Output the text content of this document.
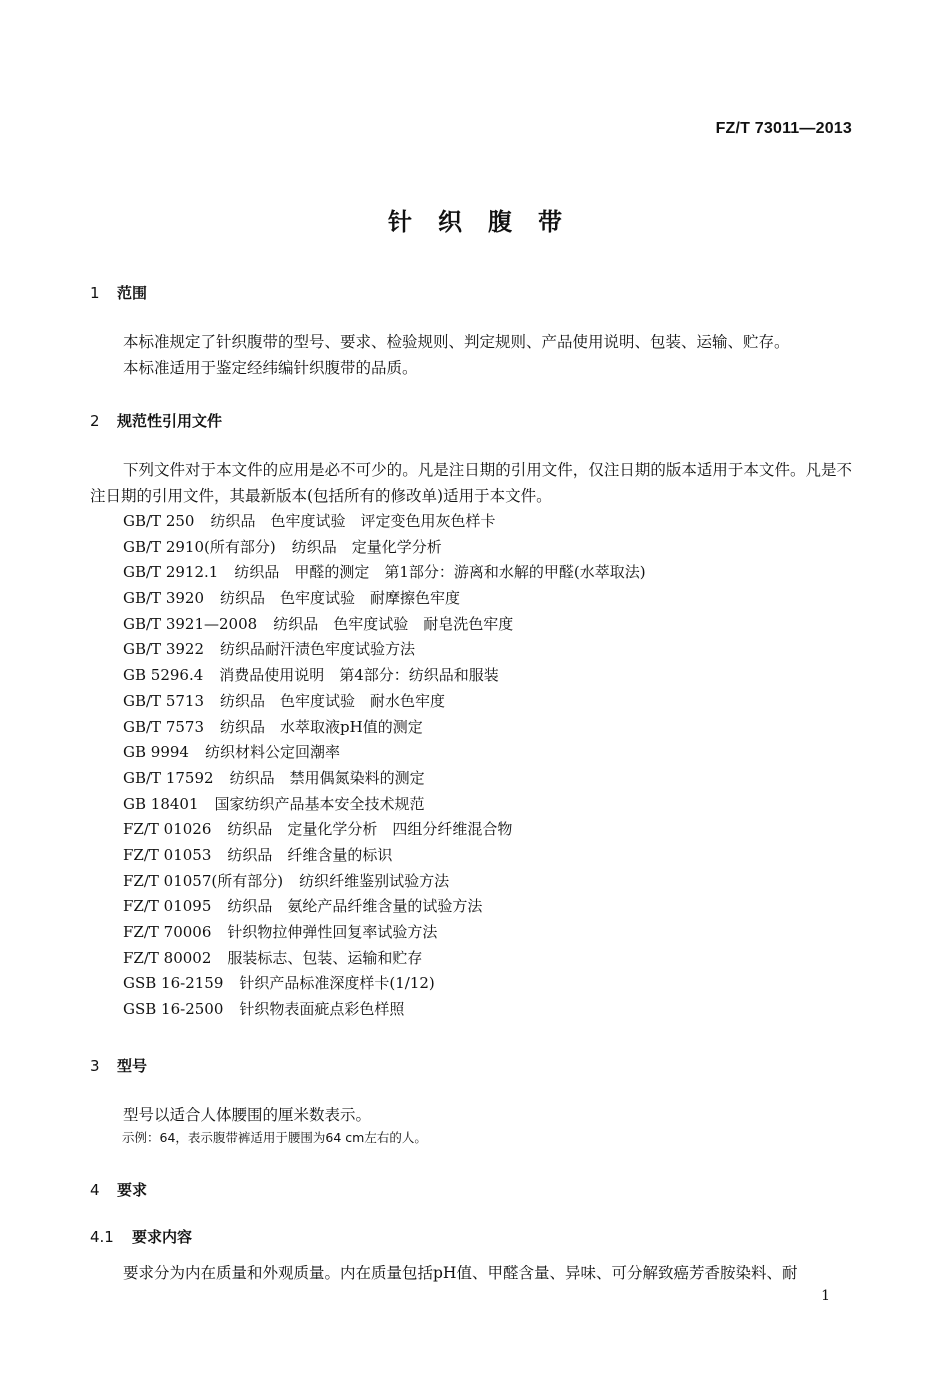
FZ/T 73011—2013
针织腹带
1 范围

本标准规定了针织腹带的型号、要求、检验规则、判定规则、产品使用说明、包装、运输、贮存。

本标准适用于鉴定经纬编针织腹带的品质。

2 规范性引用文件

下列文件对于本文件的应用是必不可少的。凡是注日期的引用文件，仅注日期的版本适用于本文件。凡是不注日期的引用文件，其最新版本(包括所有的修改单)适用于本文件。

GB/T 250 纺织品　色牢度试验　评定变色用灰色样卡
GB/T 2910(所有部分) 纺织品　定量化学分析
GB/T 2912.1 纺织品　甲醛的测定　第1部分：游离和水解的甲醛(水萃取法)
GB/T 3920 纺织品　色牢度试验　耐摩擦色牢度
GB/T 3921—2008 纺织品　色牢度试验　耐皂洗色牢度
GB/T 3922 纺织品耐汗渍色牢度试验方法
GB 5296.4 消费品使用说明　第4部分：纺织品和服装
GB/T 5713 纺织品　色牢度试验　耐水色牢度
GB/T 7573 纺织品　水萃取液pH值的测定
GB 9994 纺织材料公定回潮率
GB/T 17592 纺织品　禁用偶氮染料的测定
GB 18401 国家纺织产品基本安全技术规范
FZ/T 01026 纺织品　定量化学分析　四组分纤维混合物
FZ/T 01053 纺织品　纤维含量的标识
FZ/T 01057(所有部分) 纺织纤维鉴别试验方法
FZ/T 01095 纺织品　氨纶产品纤维含量的试验方法
FZ/T 70006 针织物拉伸弹性回复率试验方法
FZ/T 80002 服装标志、包装、运输和贮存
GSB 16-2159 针织产品标准深度样卡(1/12)
GSB 16-2500 针织物表面疵点彩色样照
3 型号

型号以适合人体腰围的厘米数表示。

示例：64，表示腹带裤适用于腰围为64 cm左右的人。
4 要求
4.1 要求内容

要求分为内在质量和外观质量。内在质量包括pH值、甲醛含量、异味、可分解致癌芳香胺染料、耐

1
